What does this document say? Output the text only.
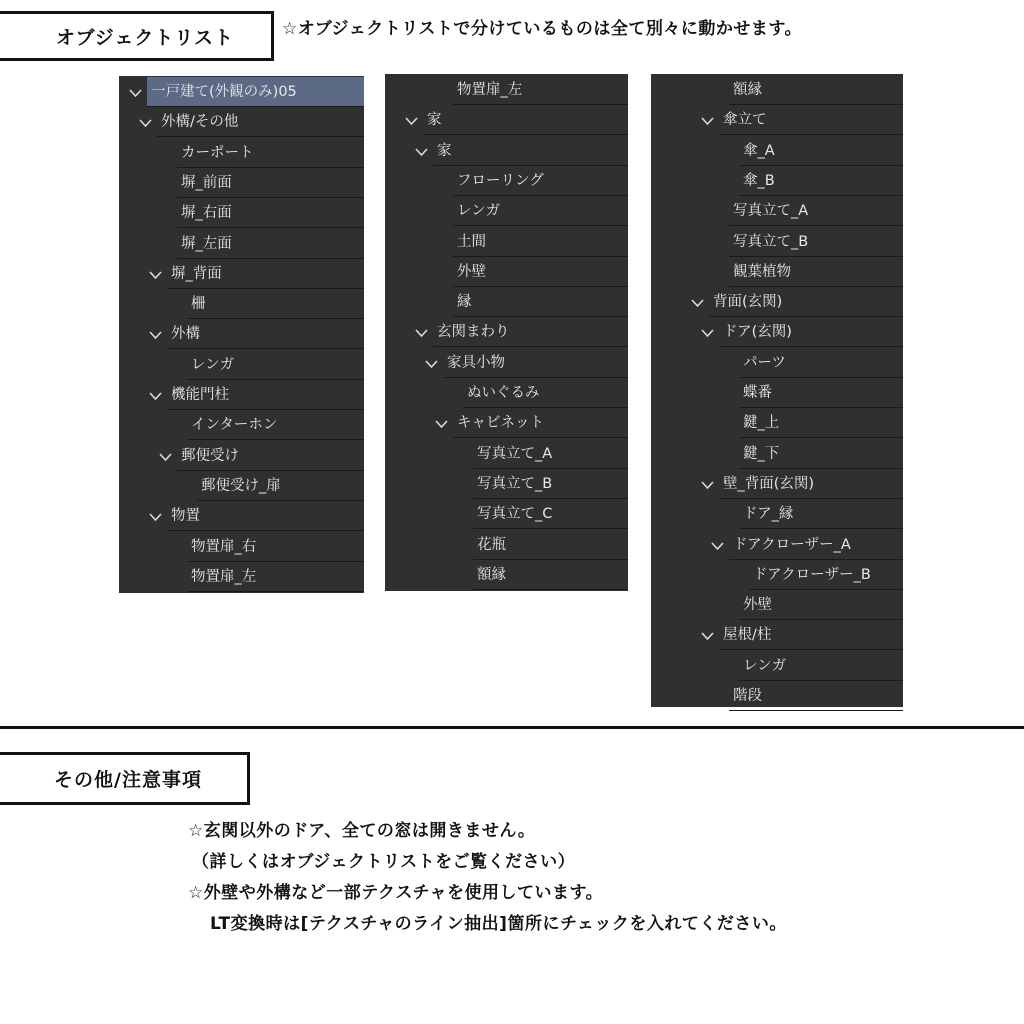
オブジェクトリスト	☆オブジェクトリストで分けているものは全て別々に動かせます。
一戸建て(外観のみ)05
外構/その他
カーポート
塀_前面
塀_右面
塀_左面
塀_背面
柵
外構
レンガ
機能門柱
インターホン
郵便受け
郵便受け_扉
物置
物置扉_右
物置扉_左
物置扉_左
家
家
フローリング
レンガ
土間
外壁
縁
玄関まわり
家具小物
ぬいぐるみ
キャビネット
写真立て_A
写真立て_B
写真立て_C
花瓶
額縁
額縁
傘立て
傘_A
傘_B
写真立て_A
写真立て_B
観葉植物
背面(玄関)
ドア(玄関)
パーツ
蝶番
鍵_上
鍵_下
壁_背面(玄関)
ドア_縁
ドアクローザー_A
ドアクローザー_B
外壁
屋根/柱
レンガ
階段
その他/注意事項
☆玄関以外のドア、全ての窓は開きません。
（詳しくはオブジェクトリストをご覧ください）
☆外壁や外構など一部テクスチャを使用しています。
LT変換時は[テクスチャのライン抽出]箇所にチェックを入れてください。
